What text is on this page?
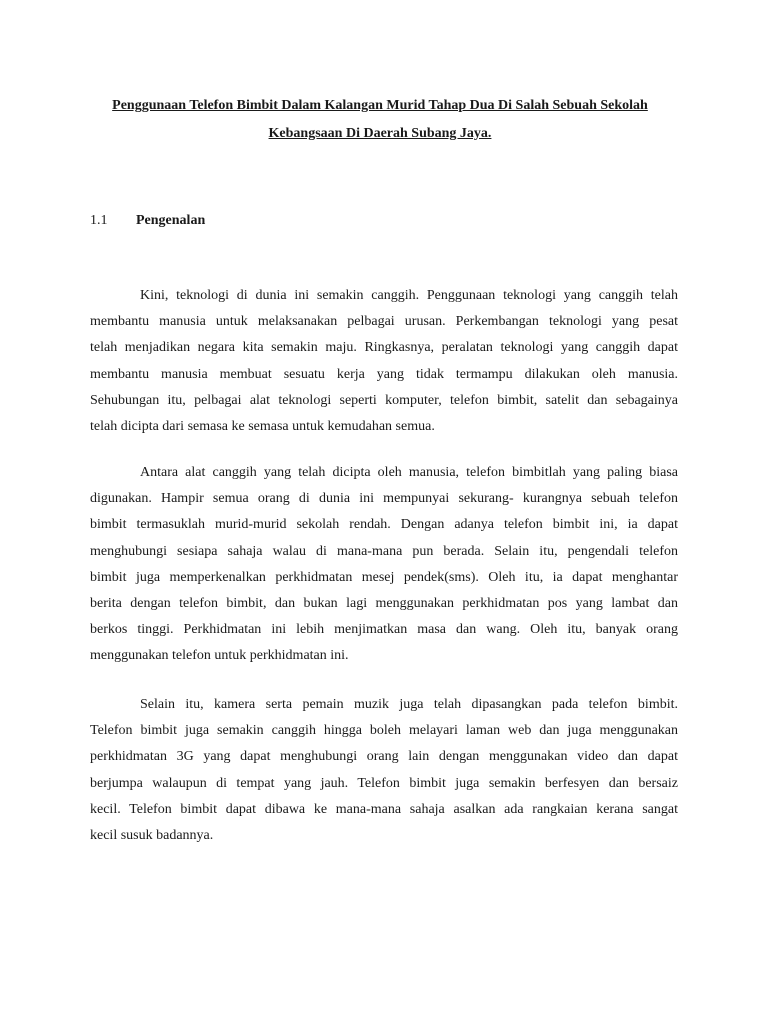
Penggunaan Telefon Bimbit Dalam Kalangan Murid Tahap Dua Di Salah Sebuah Sekolah
Kebangsaan Di Daerah Subang Jaya.
1.1 Pengenalan
Kini, teknologi di dunia ini semakin canggih. Penggunaan teknologi yang canggih telah
membantu manusia untuk melaksanakan pelbagai urusan. Perkembangan teknologi yang pesat
telah menjadikan negara kita semakin maju. Ringkasnya, peralatan teknologi yang canggih dapat
membantu manusia membuat sesuatu kerja yang tidak termampu dilakukan oleh manusia.
Sehubungan itu, pelbagai alat teknologi seperti komputer, telefon bimbit, satelit dan sebagainya
telah dicipta dari semasa ke semasa untuk kemudahan semua.
Antara alat canggih yang telah dicipta oleh manusia, telefon bimbitlah yang paling biasa
digunakan. Hampir semua orang di dunia ini mempunyai sekurang- kurangnya sebuah telefon
bimbit termasuklah murid-murid sekolah rendah. Dengan adanya telefon bimbit ini, ia dapat
menghubungi sesiapa sahaja walau di mana-mana pun berada. Selain itu, pengendali telefon
bimbit juga memperkenalkan perkhidmatan mesej pendek(sms). Oleh itu, ia dapat menghantar
berita dengan telefon bimbit, dan bukan lagi menggunakan perkhidmatan pos yang lambat dan
berkos tinggi. Perkhidmatan ini lebih menjimatkan masa dan wang. Oleh itu, banyak orang
menggunakan telefon untuk perkhidmatan ini.
Selain itu, kamera serta pemain muzik juga telah dipasangkan pada telefon bimbit.
Telefon bimbit juga semakin canggih hingga boleh melayari laman web dan juga menggunakan
perkhidmatan 3G yang dapat menghubungi orang lain dengan menggunakan video dan dapat
berjumpa walaupun di tempat yang jauh. Telefon bimbit juga semakin berfesyen dan bersaiz
kecil. Telefon bimbit dapat dibawa ke mana-mana sahaja asalkan ada rangkaian kerana sangat
kecil susuk badannya.
